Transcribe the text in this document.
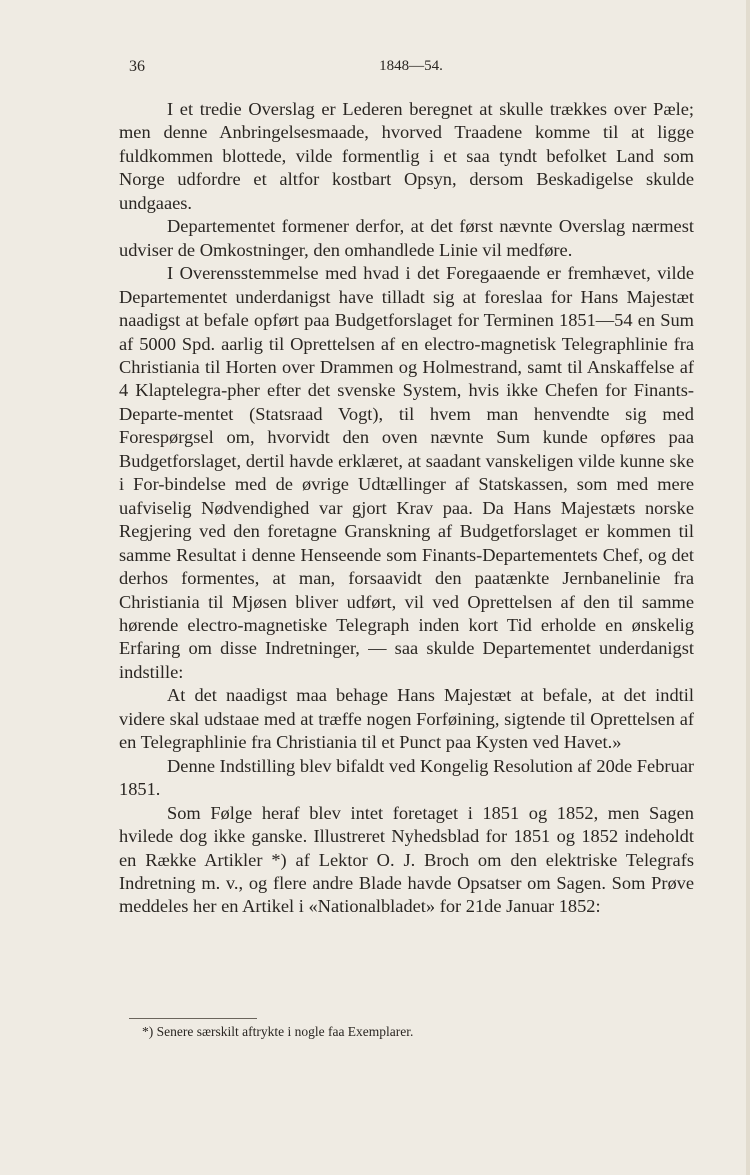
36	1848—54.

I et tredie Overslag er Lederen beregnet at skulle trækkes over Pæle; men denne Anbringelsesmaade, hvorved Traadene komme til at ligge fuldkommen blottede, vilde formentlig i et saa tyndt befolket Land som Norge udfordre et altfor kostbart Opsyn, dersom Beskadigelse skulde undgaaes.

Departementet formener derfor, at det først nævnte Overslag nærmest udviser de Omkostninger, den omhandlede Linie vil medføre.

I Overensstemmelse med hvad i det Foregaaende er fremhævet, vilde Departementet underdanigst have tilladt sig at foreslaa for Hans Majestæt naadigst at befale opført paa Budgetforslaget for Terminen 1851—54 en Sum af 5000 Spd. aarlig til Oprettelsen af en electro-magnetisk Telegraphlinie fra Christiania til Horten over Drammen og Holmestrand, samt til Anskaffelse af 4 Klaptelegra-pher efter det svenske System, hvis ikke Chefen for Finants-Departe-mentet (Statsraad Vogt), til hvem man henvendte sig med Forespørgsel om, hvorvidt den oven nævnte Sum kunde opføres paa Budgetforslaget, dertil havde erklæret, at saadant vanskeligen vilde kunne ske i For-bindelse med de øvrige Udtællinger af Statskassen, som med mere uafviselig Nødvendighed var gjort Krav paa. Da Hans Majestæts norske Regjering ved den foretagne Granskning af Budgetforslaget er kommen til samme Resultat i denne Henseende som Finants-Departementets Chef, og det derhos formentes, at man, forsaavidt den paatænkte Jernbanelinie fra Christiania til Mjøsen bliver udført, vil ved Oprettelsen af den til samme hørende electro-magnetiske Telegraph inden kort Tid erholde en ønskelig Erfaring om disse Indretninger, — saa skulde Departementet underdanigst indstille:

At det naadigst maa behage Hans Majestæt at befale, at det indtil videre skal udstaae med at træffe nogen Forføining, sigtende til Oprettelsen af en Telegraphlinie fra Christiania til et Punct paa Kysten ved Havet.»

Denne Indstilling blev bifaldt ved Kongelig Resolution af 20de Februar 1851.

Som Følge heraf blev intet foretaget i 1851 og 1852, men Sagen hvilede dog ikke ganske. Illustreret Nyhedsblad for 1851 og 1852 indeholdt en Række Artikler *) af Lektor O. J. Broch om den elektriske Telegrafs Indretning m. v., og flere andre Blade havde Opsatser om Sagen. Som Prøve meddeles her en Artikel i «Nationalbladet» for 21de Januar 1852:

*) Senere særskilt aftrykte i nogle faa Exemplarer.
